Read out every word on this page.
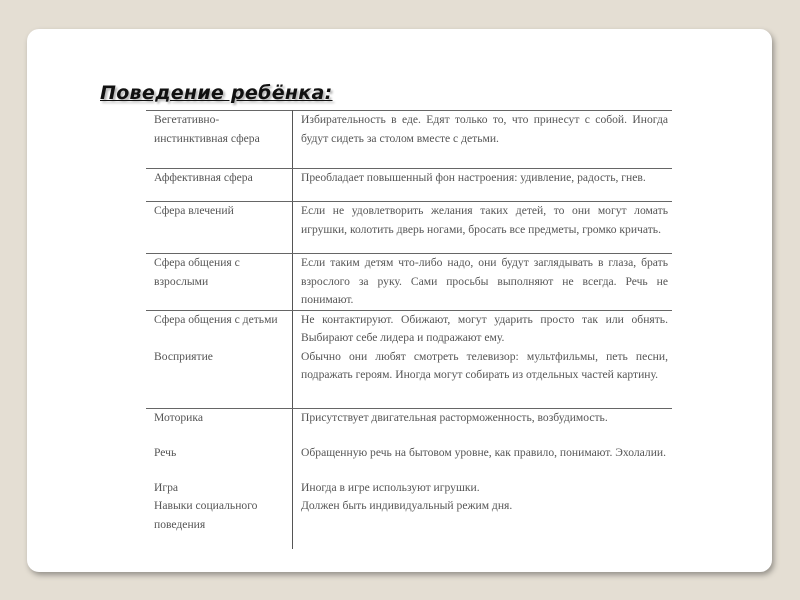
Поведение ребёнка:
Вегетативно-инстинктивная сфера	Избирательность в еде. Едят только то, что принесут с собой. Иногда будут сидеть за столом вместе с детьми.
Аффективная сфера	Преобладает повышенный фон настроения: удивление, радость, гнев.
Сфера влечений	Если не удовлетворить желания таких детей, то они могут ломать игрушки, колотить дверь ногами, бросать все предметы, громко кричать.
Сфера общения с взрослыми	Если таким детям что-либо надо, они будут заглядывать в глаза, брать взрослого за руку. Сами просьбы выполняют не всегда. Речь не понимают.
Сфера общения с детьми	Не контактируют. Обижают, могут ударить просто так или обнять. Выбирают себе лидера и подражают ему.
Восприятие	Обычно они любят смотреть телевизор: мультфильмы, петь песни, подражать героям. Иногда могут собирать из отдельных частей картину.
Моторика	Присутствует двигательная расторможенность, возбудимость.
Речь	Обращенную речь на бытовом уровне, как правило, понимают. Эхолалии.
Игра	Иногда в игре используют игрушки.
Навыки социального поведения	Должен быть индивидуальный режим дня.
